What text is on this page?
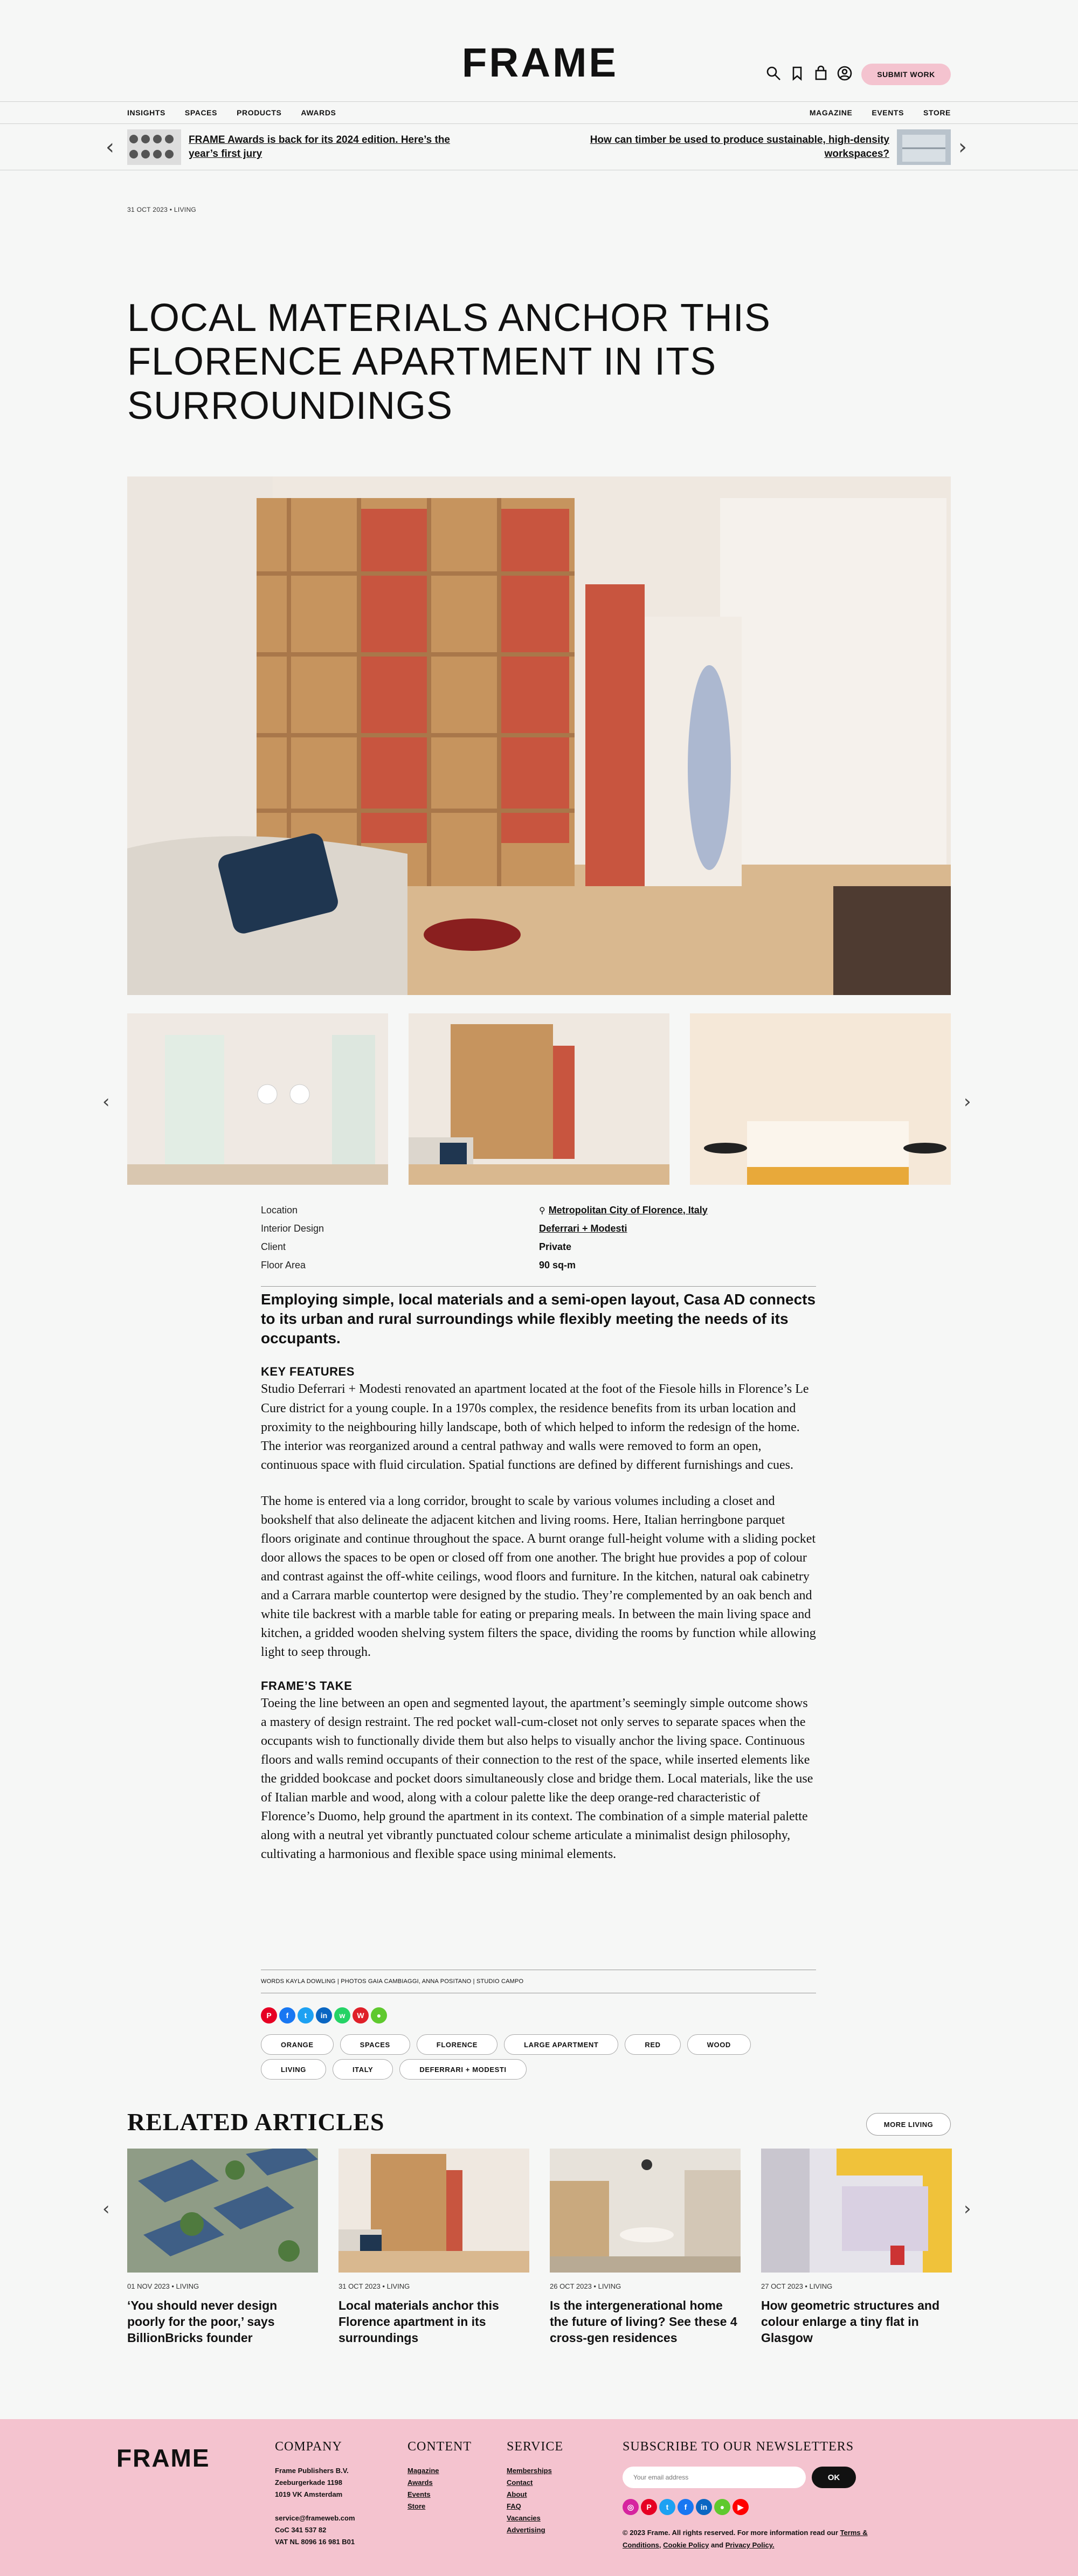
FRAME	SUBMIT WORK
INSIGHTS	SPACES	PRODUCTS	AWARDS	MAGAZINE	EVENTS	STORE
‹	FRAME Awards is back for its 2024 edition. Here’s the year’s first jury
How can timber be used to produce sustainable, high-density workspaces?	›
31 OCT 2023 • LIVING
LOCAL MATERIALS ANCHOR THIS FLORENCE APARTMENT IN ITS SURROUNDINGS
‹	›
Location	⚲ Metropolitan City of Florence, Italy
Interior Design	Deferrari + Modesti
Client	Private
Floor Area	90 sq-m

Employing simple, local materials and a semi-open layout, Casa AD connects to its urban and rural surroundings while flexibly meeting the needs of its occupants.

KEY FEATURES

Studio Deferrari + Modesti renovated an apartment located at the foot of the Fiesole hills in Florence’s Le Cure district for a young couple. In a 1970s complex, the residence benefits from its urban location and proximity to the neighbouring hilly landscape, both of which helped to inform the redesign of the home. The interior was reorganized around a central pathway and walls were removed to form an open, continuous space with fluid circulation. Spatial functions are defined by different furnishings and cues.

The home is entered via a long corridor, brought to scale by various volumes including a closet and bookshelf that also delineate the adjacent kitchen and living rooms. Here, Italian herringbone parquet floors originate and continue throughout the space. A burnt orange full-height volume with a sliding pocket door allows the spaces to be open or closed off from one another. The bright hue provides a pop of colour and contrast against the off-white ceilings, wood floors and furniture. In the kitchen, natural oak cabinetry and a Carrara marble countertop were designed by the studio. They’re complemented by an oak bench and white tile backrest with a marble table for eating or preparing meals. In between the main living space and kitchen, a gridded wooden shelving system filters the space, dividing the rooms by function while allowing light to seep through.

FRAME’S TAKE

Toeing the line between an open and segmented layout, the apartment’s seemingly simple outcome shows a mastery of design restraint. The red pocket wall-cum-closet not only serves to separate spaces when the occupants wish to functionally divide them but also helps to visually anchor the living space. Continuous floors and walls remind occupants of their connection to the rest of the space, while inserted elements like the gridded bookcase and pocket doors simultaneously close and bridge them. Local materials, like the use of Italian marble and wood, along with a colour palette like the deep orange-red characteristic of Florence’s Duomo, help ground the apartment in its context. The combination of a simple material palette along with a neutral yet vibrantly punctuated colour scheme articulate a minimalist design philosophy, cultivating a harmonious and flexible space using minimal elements.

WORDS KAYLA DOWLING | PHOTOS GAIA CAMBIAGGI, ANNA POSITANO | STUDIO CAMPO
P	f	t	in	w	W	●
ORANGE	SPACES	FLORENCE	LARGE APARTMENT	RED	WOOD
LIVING	ITALY	DEFERRARI + MODESTI
RELATED ARTICLES	MORE LIVING
‹
01 NOV 2023 • LIVING
‘You should never design poorly for the poor,’ says BillionBricks founder
31 OCT 2023 • LIVING
Local materials anchor this Florence apartment in its surroundings
26 OCT 2023 • LIVING
Is the intergenerational home the future of living? See these 4 cross-gen residences
27 OCT 2023 • LIVING
How geometric structures and colour enlarge a tiny flat in Glasgow
›
FRAME	COMPANY

Frame Publishers B.V.

Zeeburgerkade 1198

1019 VK Amsterdam

service@frameweb.com

CoC 341 537 82

VAT NL 8096 16 981 B01

CONTENT
Magazine
Awards
Events
Store
SERVICE
Memberships
Contact
About
FAQ
Vacancies
Advertising
SUBSCRIBE TO OUR NEWSLETTERS
Your email address
OK
◎	P	t	f	in	●	▶
© 2023 Frame. All rights reserved. For more information read our Terms & Conditions, Cookie Policy and Privacy Policy.
